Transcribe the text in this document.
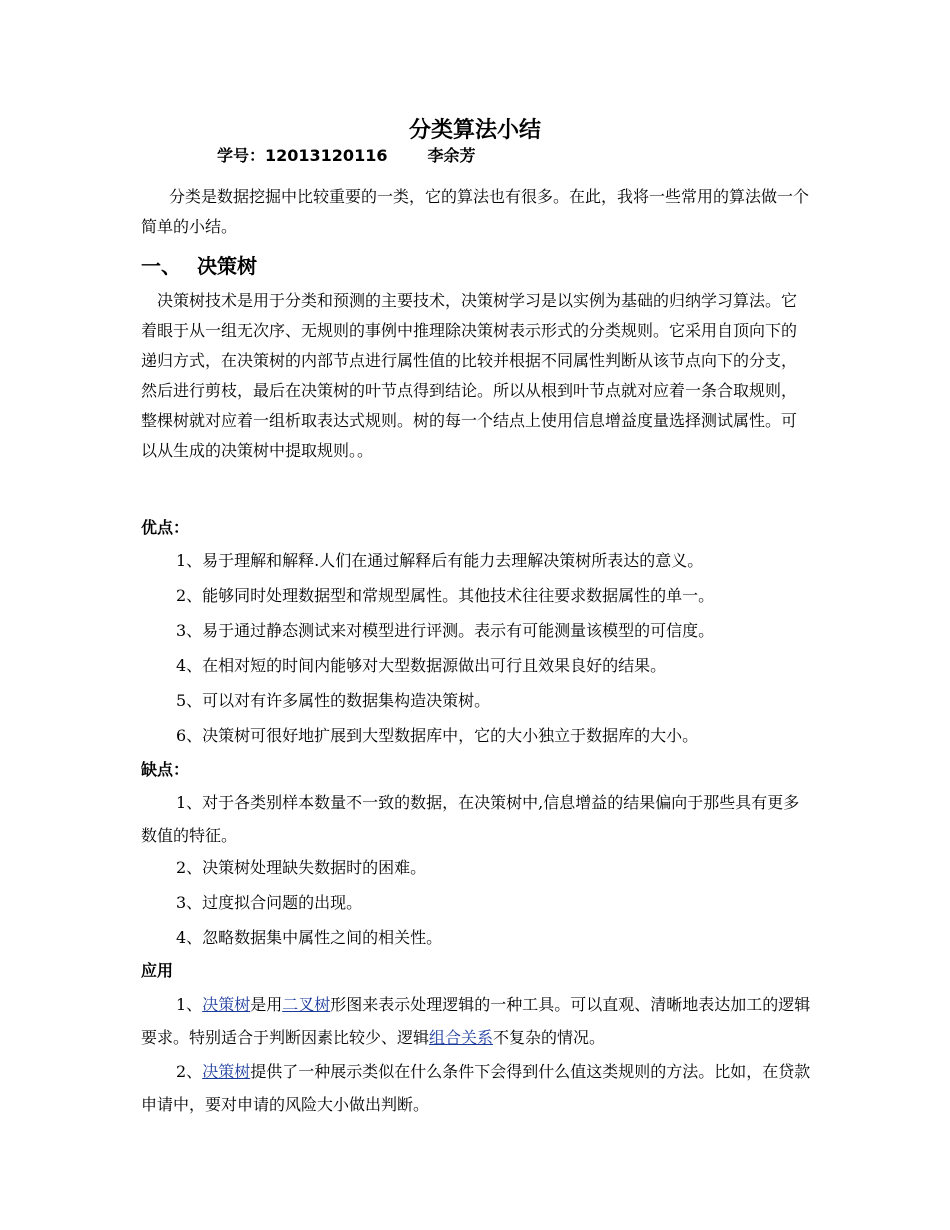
分类算法小结
学号：12013120116	李余芳
分类是数据挖掘中比较重要的一类，它的算法也有很多。在此，我将一些常用的算法做一个简单的小结。
一、 决策树
决策树技术是用于分类和预测的主要技术，决策树学习是以实例为基础的归纳学习算法。它着眼于从一组无次序、无规则的事例中推理除决策树表示形式的分类规则。它采用自顶向下的递归方式，在决策树的内部节点进行属性值的比较并根据不同属性判断从该节点向下的分支，然后进行剪枝，最后在决策树的叶节点得到结论。所以从根到叶节点就对应着一条合取规则，整棵树就对应着一组析取表达式规则。树的每一个结点上使用信息增益度量选择测试属性。可以从生成的决策树中提取规则。。
优点：
1、易于理解和解释.人们在通过解释后有能力去理解决策树所表达的意义。
2、能够同时处理数据型和常规型属性。其他技术往往要求数据属性的单一。
3、易于通过静态测试来对模型进行评测。表示有可能测量该模型的可信度。
4、在相对短的时间内能够对大型数据源做出可行且效果良好的结果。
5、可以对有许多属性的数据集构造决策树。
6、决策树可很好地扩展到大型数据库中，它的大小独立于数据库的大小。
缺点：
1、对于各类别样本数量不一致的数据，在决策树中,信息增益的结果偏向于那些具有更多数值的特征。
2、决策树处理缺失数据时的困难。
3、过度拟合问题的出现。
4、忽略数据集中属性之间的相关性。
应用
1、决策树是用二叉树形图来表示处理逻辑的一种工具。可以直观、清晰地表达加工的逻辑要求。特别适合于判断因素比较少、逻辑组合关系不复杂的情况。
2、决策树提供了一种展示类似在什么条件下会得到什么值这类规则的方法。比如，在贷款申请中，要对申请的风险大小做出判断。
